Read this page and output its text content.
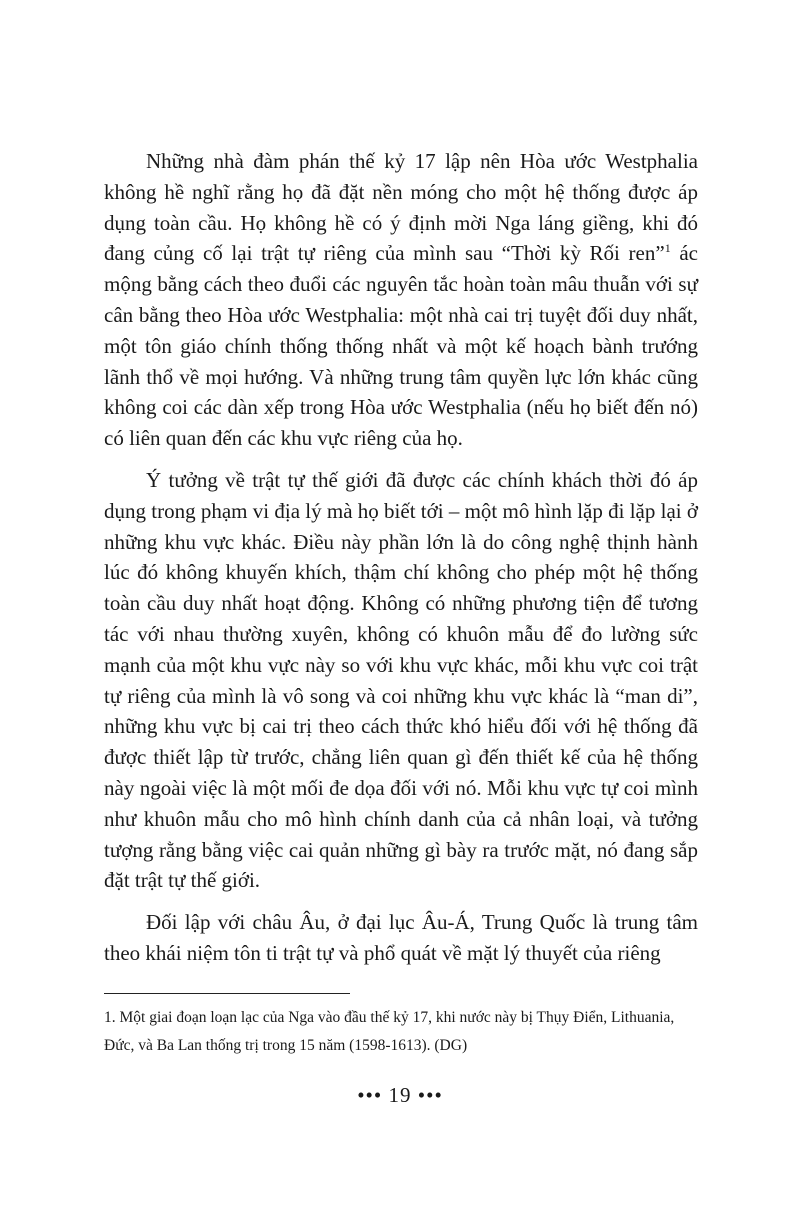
Những nhà đàm phán thế kỷ 17 lập nên Hòa ước Westphalia không hề nghĩ rằng họ đã đặt nền móng cho một hệ thống được áp dụng toàn cầu. Họ không hề có ý định mời Nga láng giềng, khi đó đang củng cố lại trật tự riêng của mình sau “Thời kỳ Rối ren”$^1$ ác mộng bằng cách theo đuổi các nguyên tắc hoàn toàn mâu thuẫn với sự cân bằng theo Hòa ước Westphalia: một nhà cai trị tuyệt đối duy nhất, một tôn giáo chính thống thống nhất và một kế hoạch bành trướng lãnh thổ về mọi hướng. Và những trung tâm quyền lực lớn khác cũng không coi các dàn xếp trong Hòa ước Westphalia (nếu họ biết đến nó) có liên quan đến các khu vực riêng của họ.

Ý tưởng về trật tự thế giới đã được các chính khách thời đó áp dụng trong phạm vi địa lý mà họ biết tới – một mô hình lặp đi lặp lại ở những khu vực khác. Điều này phần lớn là do công nghệ thịnh hành lúc đó không khuyến khích, thậm chí không cho phép một hệ thống toàn cầu duy nhất hoạt động. Không có những phương tiện để tương tác với nhau thường xuyên, không có khuôn mẫu để đo lường sức mạnh của một khu vực này so với khu vực khác, mỗi khu vực coi trật tự riêng của mình là vô song và coi những khu vực khác là “man di”, những khu vực bị cai trị theo cách thức khó hiểu đối với hệ thống đã được thiết lập từ trước, chẳng liên quan gì đến thiết kế của hệ thống này ngoài việc là một mối đe dọa đối với nó. Mỗi khu vực tự coi mình như khuôn mẫu cho mô hình chính danh của cả nhân loại, và tưởng tượng rằng bằng việc cai quản những gì bày ra trước mặt, nó đang sắp đặt trật tự thế giới.

Đối lập với châu Âu, ở đại lục Âu-Á, Trung Quốc là trung tâm theo khái niệm tôn ti trật tự và phổ quát về mặt lý thuyết của riêng

1. Một giai đoạn loạn lạc của Nga vào đầu thế kỷ 17, khi nước này bị Thụy Điển, Lithuania, Đức, và Ba Lan thống trị trong 15 năm (1598-1613). (DG)

••• 19 •••
